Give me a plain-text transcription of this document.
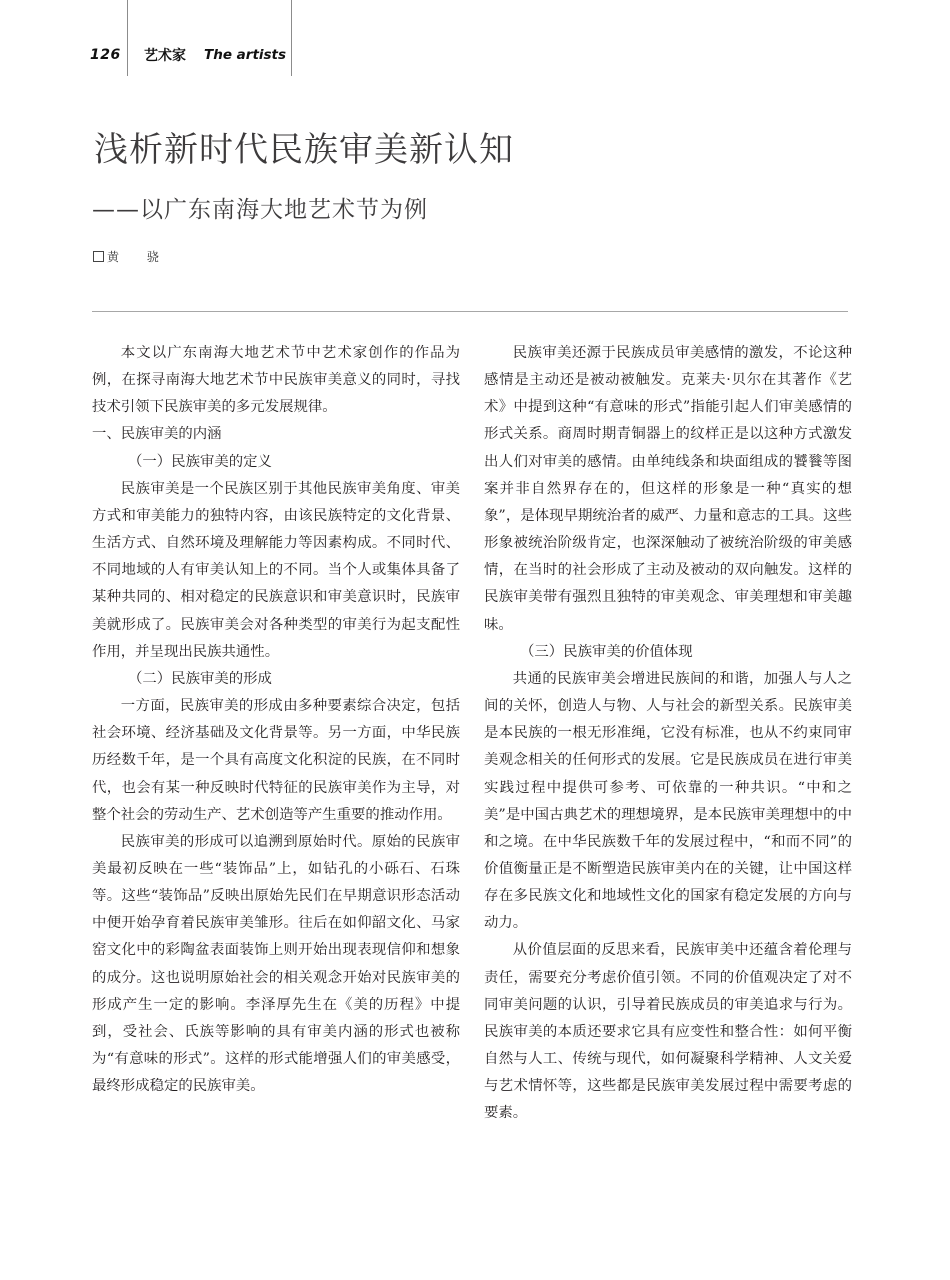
126 艺术家 The artists
浅析新时代民族审美新认知
——以广东南海大地艺术节为例
黄 骁

本文以广东南海大地艺术节中艺术家创作的作品为例，在探寻南海大地艺术节中民族审美意义的同时，寻找技术引领下民族审美的多元发展规律。

一、民族审美的内涵

（一）民族审美的定义

民族审美是一个民族区别于其他民族审美角度、审美方式和审美能力的独特内容，由该民族特定的文化背景、生活方式、自然环境及理解能力等因素构成。不同时代、不同地域的人有审美认知上的不同。当个人或集体具备了某种共同的、相对稳定的民族意识和审美意识时，民族审美就形成了。民族审美会对各种类型的审美行为起支配性作用，并呈现出民族共通性。

（二）民族审美的形成

一方面，民族审美的形成由多种要素综合决定，包括社会环境、经济基础及文化背景等。另一方面，中华民族历经数千年，是一个具有高度文化积淀的民族，在不同时代，也会有某一种反映时代特征的民族审美作为主导，对整个社会的劳动生产、艺术创造等产生重要的推动作用。

民族审美的形成可以追溯到原始时代。原始的民族审美最初反映在一些“装饰品”上，如钻孔的小砾石、石珠等。这些“装饰品”反映出原始先民们在早期意识形态活动中便开始孕育着民族审美雏形。往后在如仰韶文化、马家窑文化中的彩陶盆表面装饰上则开始出现表现信仰和想象的成分。这也说明原始社会的相关观念开始对民族审美的形成产生一定的影响。李泽厚先生在《美的历程》中提到，受社会、氏族等影响的具有审美内涵的形式也被称为“有意味的形式”。这样的形式能增强人们的审美感受，最终形成稳定的民族审美。

民族审美还源于民族成员审美感情的激发，不论这种感情是主动还是被动被触发。克莱夫·贝尔在其著作《艺术》中提到这种“有意味的形式”指能引起人们审美感情的形式关系。商周时期青铜器上的纹样正是以这种方式激发出人们对审美的感情。由单纯线条和块面组成的饕餮等图案并非自然界存在的，但这样的形象是一种“真实的想象”，是体现早期统治者的威严、力量和意志的工具。这些形象被统治阶级肯定，也深深触动了被统治阶级的审美感情，在当时的社会形成了主动及被动的双向触发。这样的民族审美带有强烈且独特的审美观念、审美理想和审美趣味。

（三）民族审美的价值体现

共通的民族审美会增进民族间的和谐，加强人与人之间的关怀，创造人与物、人与社会的新型关系。民族审美是本民族的一根无形准绳，它没有标准，也从不约束同审美观念相关的任何形式的发展。它是民族成员在进行审美实践过程中提供可参考、可依靠的一种共识。“中和之美”是中国古典艺术的理想境界，是本民族审美理想中的中和之境。在中华民族数千年的发展过程中，“和而不同”的价值衡量正是不断塑造民族审美内在的关键，让中国这样存在多民族文化和地域性文化的国家有稳定发展的方向与动力。

从价值层面的反思来看，民族审美中还蕴含着伦理与责任，需要充分考虑价值引领。不同的价值观决定了对不同审美问题的认识，引导着民族成员的审美追求与行为。民族审美的本质还要求它具有应变性和整合性：如何平衡自然与人工、传统与现代，如何凝聚科学精神、人文关爱与艺术情怀等，这些都是民族审美发展过程中需要考虑的要素。
